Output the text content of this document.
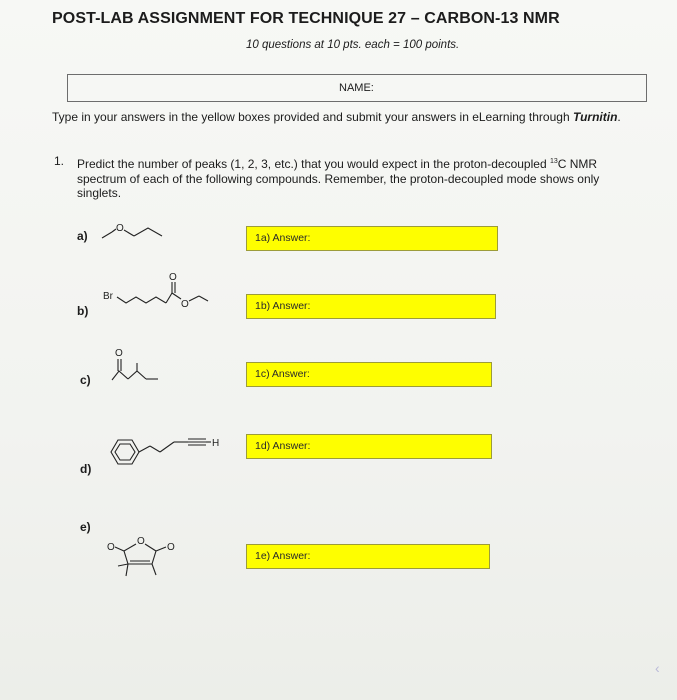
POST-LAB ASSIGNMENT FOR TECHNIQUE 27 – CARBON-13 NMR
10 questions at 10 pts. each = 100 points.
NAME:
Type in your answers in the yellow boxes provided and submit your answers in eLearning through Turnitin.
1. Predict the number of peaks (1, 2, 3, etc.) that you would expect in the proton-decoupled $^{13}$C NMR spectrum of each of the following compounds. Remember, the proton-decoupled mode shows only singlets.
a)
O
1a) Answer:
b)
Br
O
O	1b) Answer:
c)
O
1c) Answer:
d)
H	1d) Answer:
e)
O
O
O
1e) Answer:
‹
